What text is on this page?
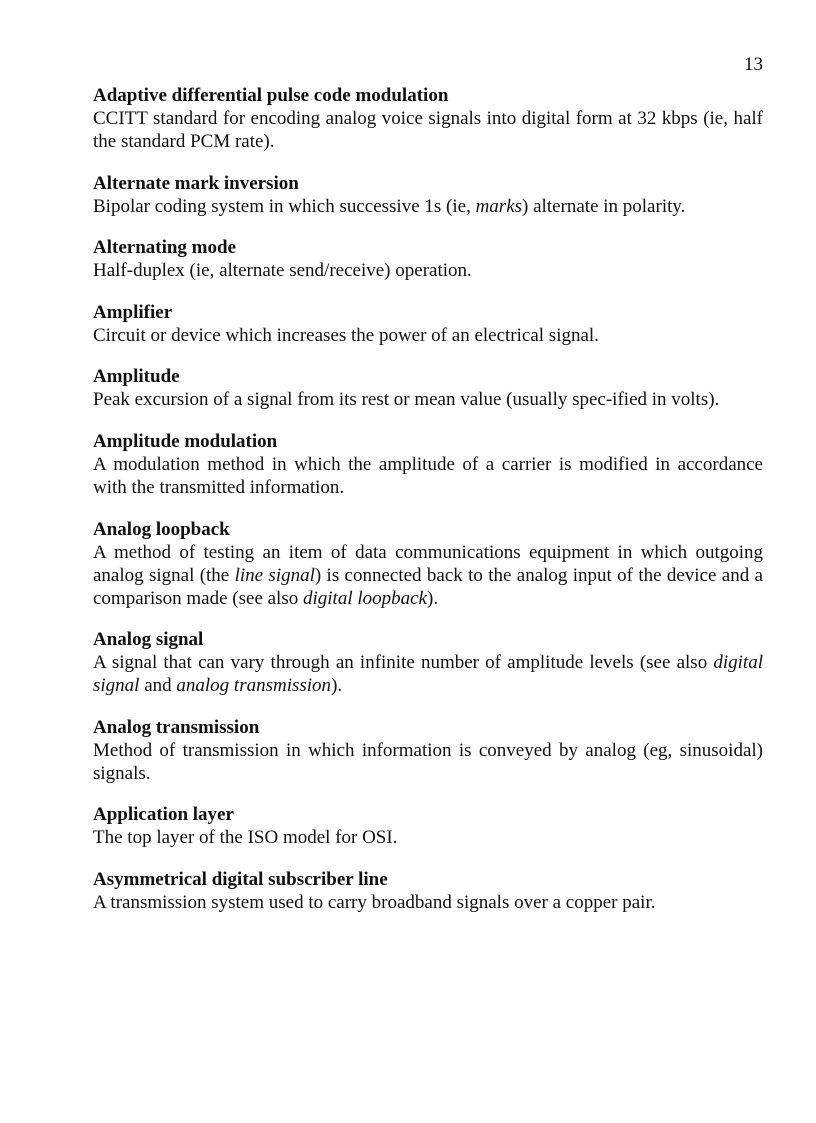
13

Adaptive differential pulse code modulation

CCITT standard for encoding analog voice signals into digital form at 32 kbps (ie, half the standard PCM rate).

Alternate mark inversion

Bipolar coding system in which successive 1s (ie, marks) alternate in polarity.

Alternating mode

Half-duplex (ie, alternate send/receive) operation.

Amplifier

Circuit or device which increases the power of an electrical signal.

Amplitude

Peak excursion of a signal from its rest or mean value (usually spec-ified in volts).

Amplitude modulation

A modulation method in which the amplitude of a carrier is modified in accordance with the transmitted information.

Analog loopback

A method of testing an item of data communications equipment in which outgoing analog signal (the line signal) is connected back to the analog input of the device and a comparison made (see also digital loopback).

Analog signal

A signal that can vary through an infinite number of amplitude levels (see also digital signal and analog transmission).

Analog transmission

Method of transmission in which information is conveyed by analog (eg, sinusoidal) signals.

Application layer

The top layer of the ISO model for OSI.

Asymmetrical digital subscriber line

A transmission system used to carry broadband signals over a copper pair.
